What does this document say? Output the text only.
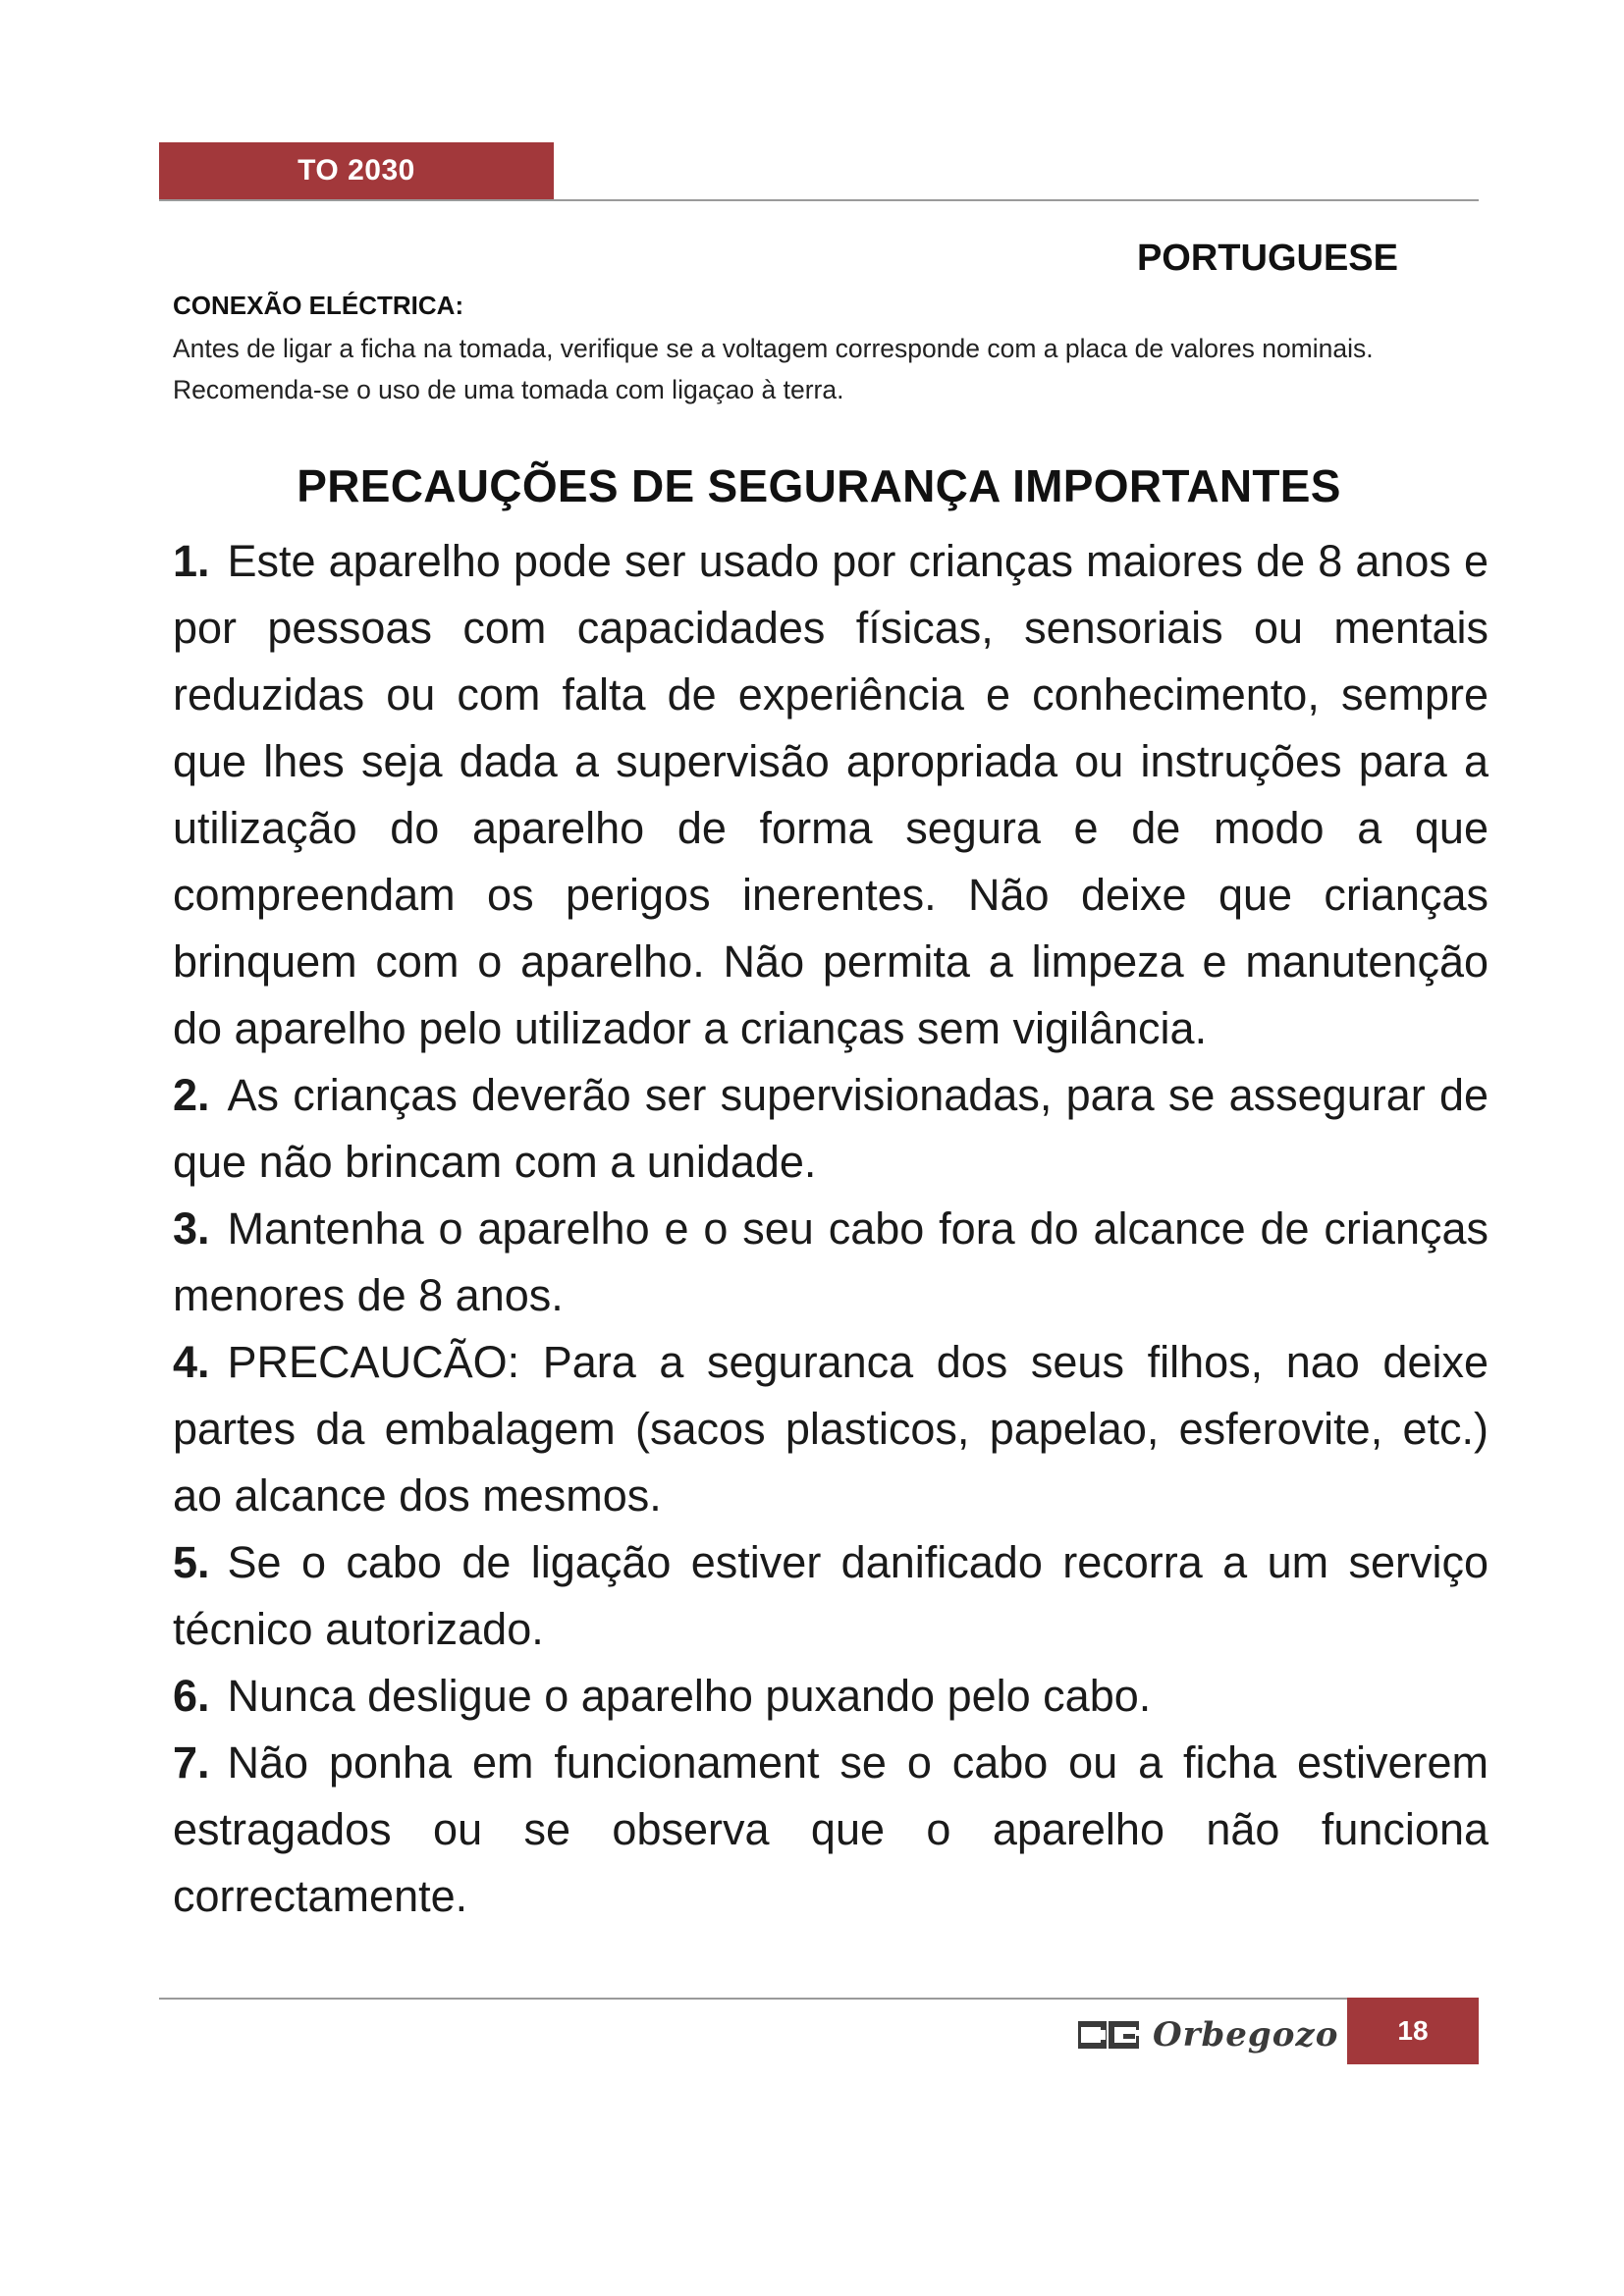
TO 2030
PORTUGUESE
CONEXÃO ELÉCTRICA:
Antes de ligar a ficha na tomada, verifique se a voltagem corresponde com a placa de valores nominais. Recomenda-se o uso de uma tomada com ligaçao à terra.
PRECAUÇÕES DE SEGURANÇA IMPORTANTES
1. Este aparelho pode ser usado por crianças maiores de 8 anos e por pessoas com capacidades físicas, sensoriais ou mentais reduzidas ou com falta de experiência e conhecimento, sempre que lhes seja dada a supervisão apropriada ou instruções para a utilização do aparelho de forma segura e de modo a que compreendam os perigos inerentes. Não deixe que crianças brinquem com o aparelho. Não permita a limpeza e manutenção do aparelho pelo utilizador a crianças sem vigilância.
2. As crianças deverão ser supervisionadas, para se assegurar de que não brincam com a unidade.
3. Mantenha o aparelho e o seu cabo fora do alcance de crianças menores de 8 anos.
4. PRECAUCÃO: Para a seguranca dos seus filhos, nao deixe partes da embalagem (sacos plasticos, papelao, esferovite, etc.) ao alcance dos mesmos.
5. Se o cabo de ligação estiver danificado recorra a um serviço técnico autorizado.
6. Nunca desligue o aparelho puxando pelo cabo.
7. Não ponha em funcionament se o cabo ou a ficha estiverem estragados ou se observa que o aparelho não funciona correctamente.
Orbegozo 18
